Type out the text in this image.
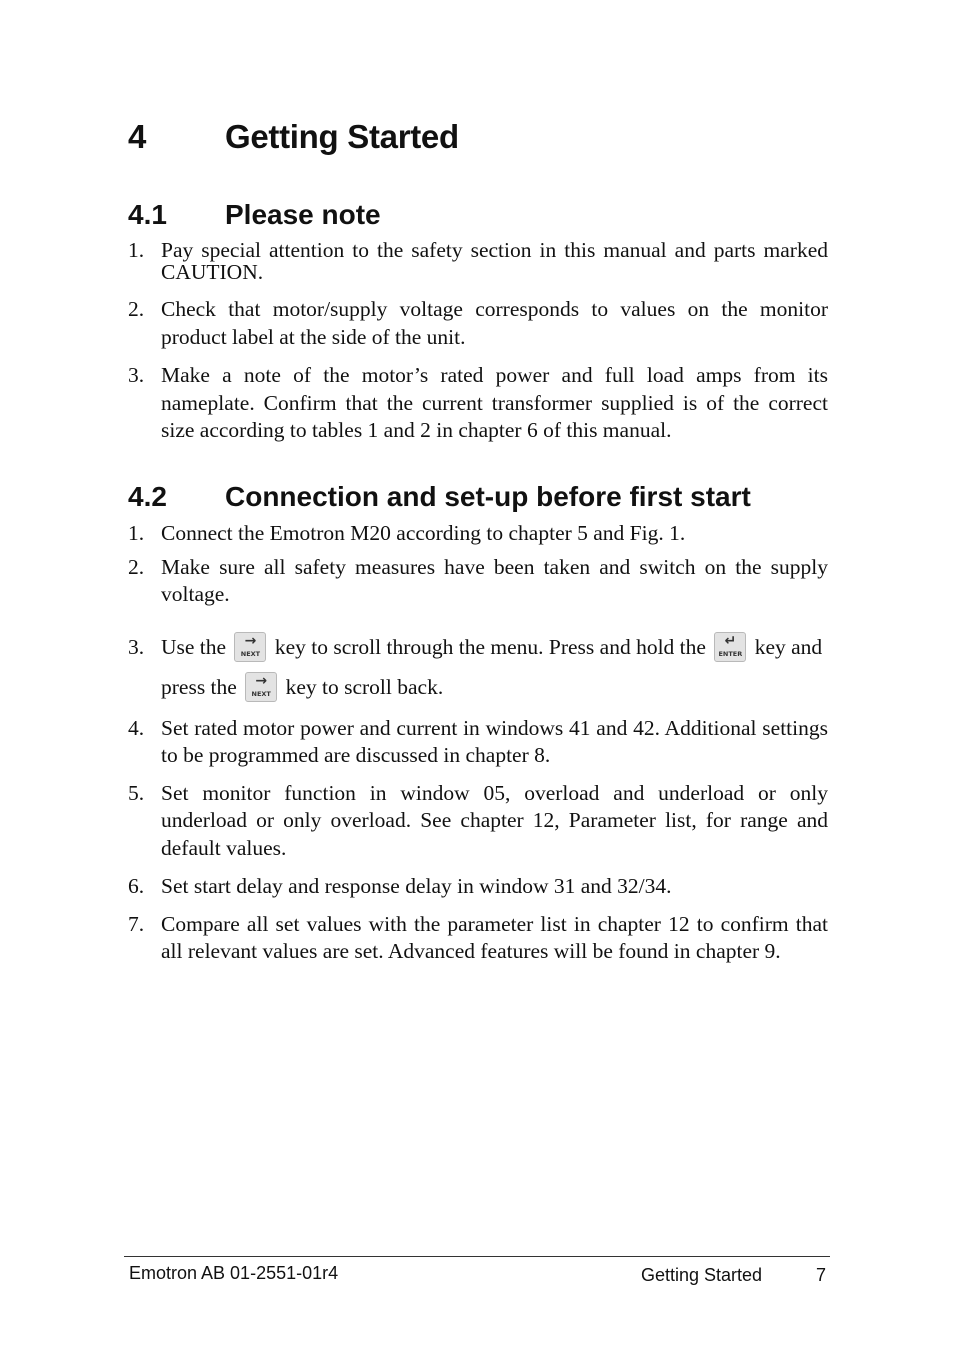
4 Getting Started
4.1 Please note
1. Pay special attention to the safety section in this manual and parts marked CAUTION.
2. Check that motor/supply voltage corresponds to values on the monitor product label at the side of the unit.
3. Make a note of the motor’s rated power and full load amps from its nameplate. Confirm that the current transformer supplied is of the correct size according to tables 1 and 2 in chapter 6 of this manual.
4.2 Connection and set-up before first start
1. Connect the Emotron M20 according to chapter 5 and Fig. 1.
2. Make sure all safety measures have been taken and switch on the supply voltage.
3. Use the	→
NEXT key to scroll through the menu. Press and hold the	↵
ENTER key and press the	→
NEXT key to scroll back.
4. Set rated motor power and current in windows 41 and 42. Additional settings to be programmed are discussed in chapter 8.
5. Set monitor function in window 05, overload and underload or only underload or only overload. See chapter 12, Parameter list, for range and default values.
6. Set start delay and response delay in window 31 and 32/34.
7. Compare all set values with the parameter list in chapter 12 to confirm that all relevant values are set. Advanced features will be found in chapter 9.
Emotron AB 01-2551-01r4	Getting Started	7
